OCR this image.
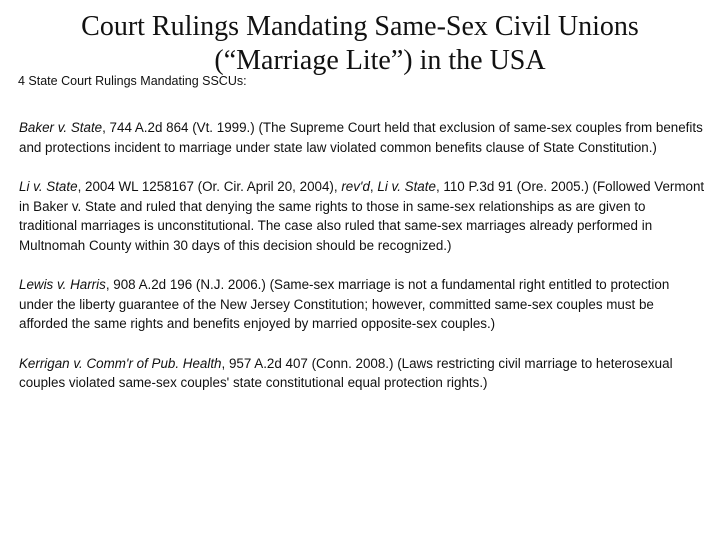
Court Rulings Mandating Same-Sex Civil Unions
(“Marriage Lite”) in the USA
4 State Court Rulings Mandating SSCUs:

Baker v. State, 744 A.2d 864 (Vt. 1999.) (The Supreme Court held that exclusion of same-sex couples from benefits and protections incident to marriage under state law violated common benefits clause of State Constitution.)

Li v. State, 2004 WL 1258167 (Or. Cir. April 20, 2004), rev'd, Li v. State, 110 P.3d 91 (Ore. 2005.) (Followed Vermont in Baker v. State and ruled that denying the same rights to those in same-sex relationships as are given to traditional marriages is unconstitutional. The case also ruled that same-sex marriages already performed in Multnomah County within 30 days of this decision should be recognized.)

Lewis v. Harris, 908 A.2d 196 (N.J. 2006.) (Same-sex marriage is not a fundamental right entitled to protection under the liberty guarantee of the New Jersey Constitution; however, committed same-sex couples must be afforded the same rights and benefits enjoyed by married opposite-sex couples.)

Kerrigan v. Comm'r of Pub. Health, 957 A.2d 407 (Conn. 2008.) (Laws restricting civil marriage to heterosexual couples violated same-sex couples' state constitutional equal protection rights.)
